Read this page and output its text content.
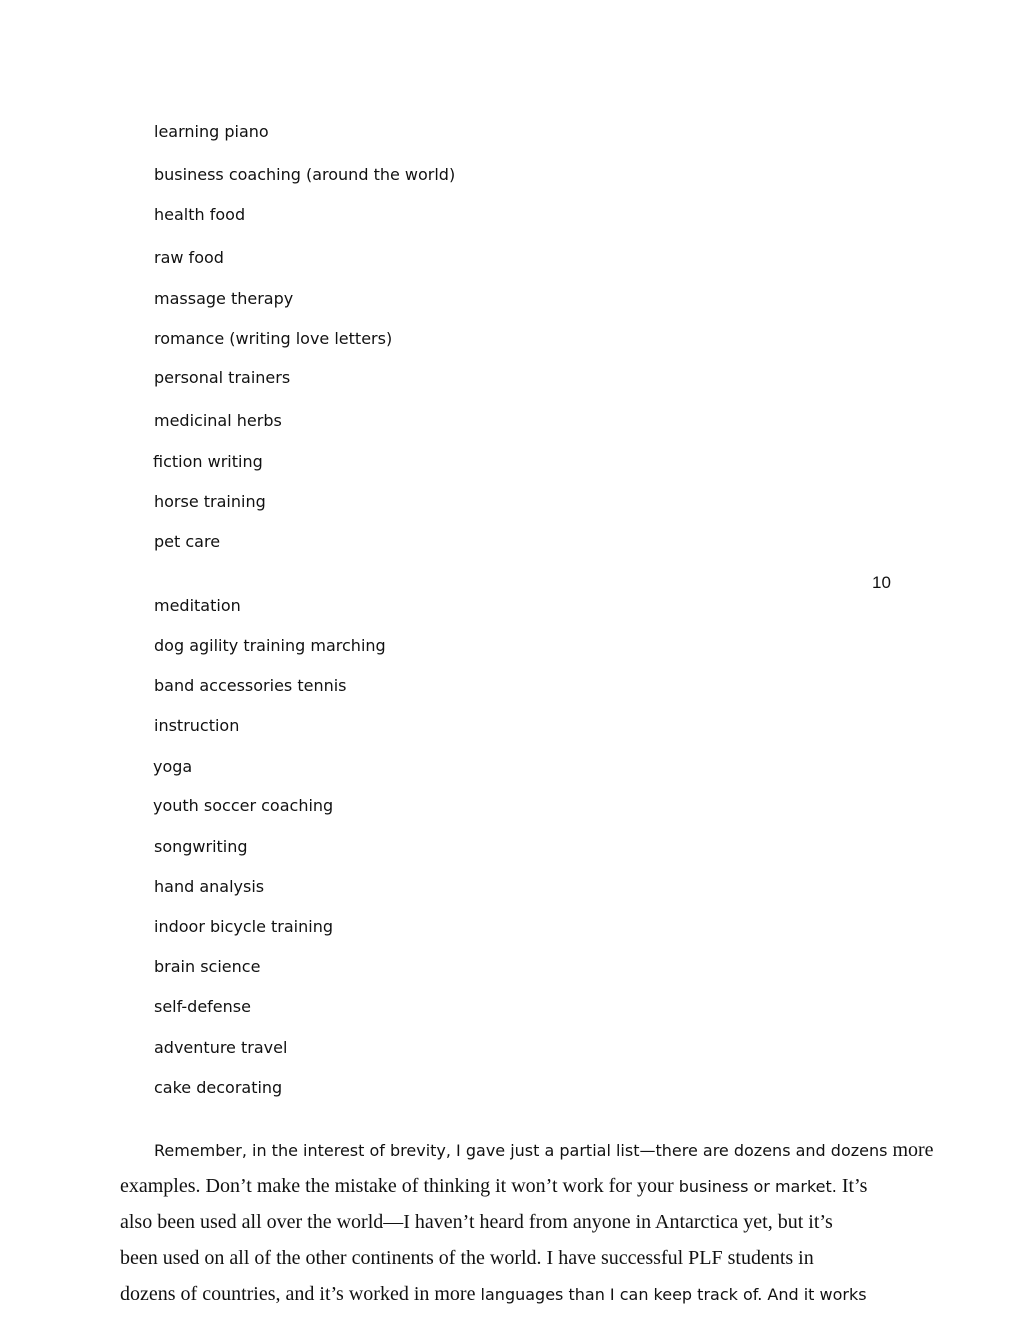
10
learning piano
business coaching (around the world)
health food
raw food
massage therapy
romance (writing love letters)
personal trainers
medicinal herbs
fiction writing
horse training
pet care
meditation
dog agility training marching
band accessories tennis
instruction
yoga
youth soccer coaching
songwriting
hand analysis
indoor bicycle training
brain science
self-defense
adventure travel
cake decorating
Remember, in the interest of brevity, I gave just a partial list—there are dozens and dozens more
examples. Don’t make the mistake of thinking it won’t work for your business or market. It’s
also been used all over the world—I haven’t heard from anyone in Antarctica yet, but it’s
been used on all of the other continents of the world. I have successful PLF students in
dozens of countries, and it’s worked in more languages than I can keep track of. And it works
